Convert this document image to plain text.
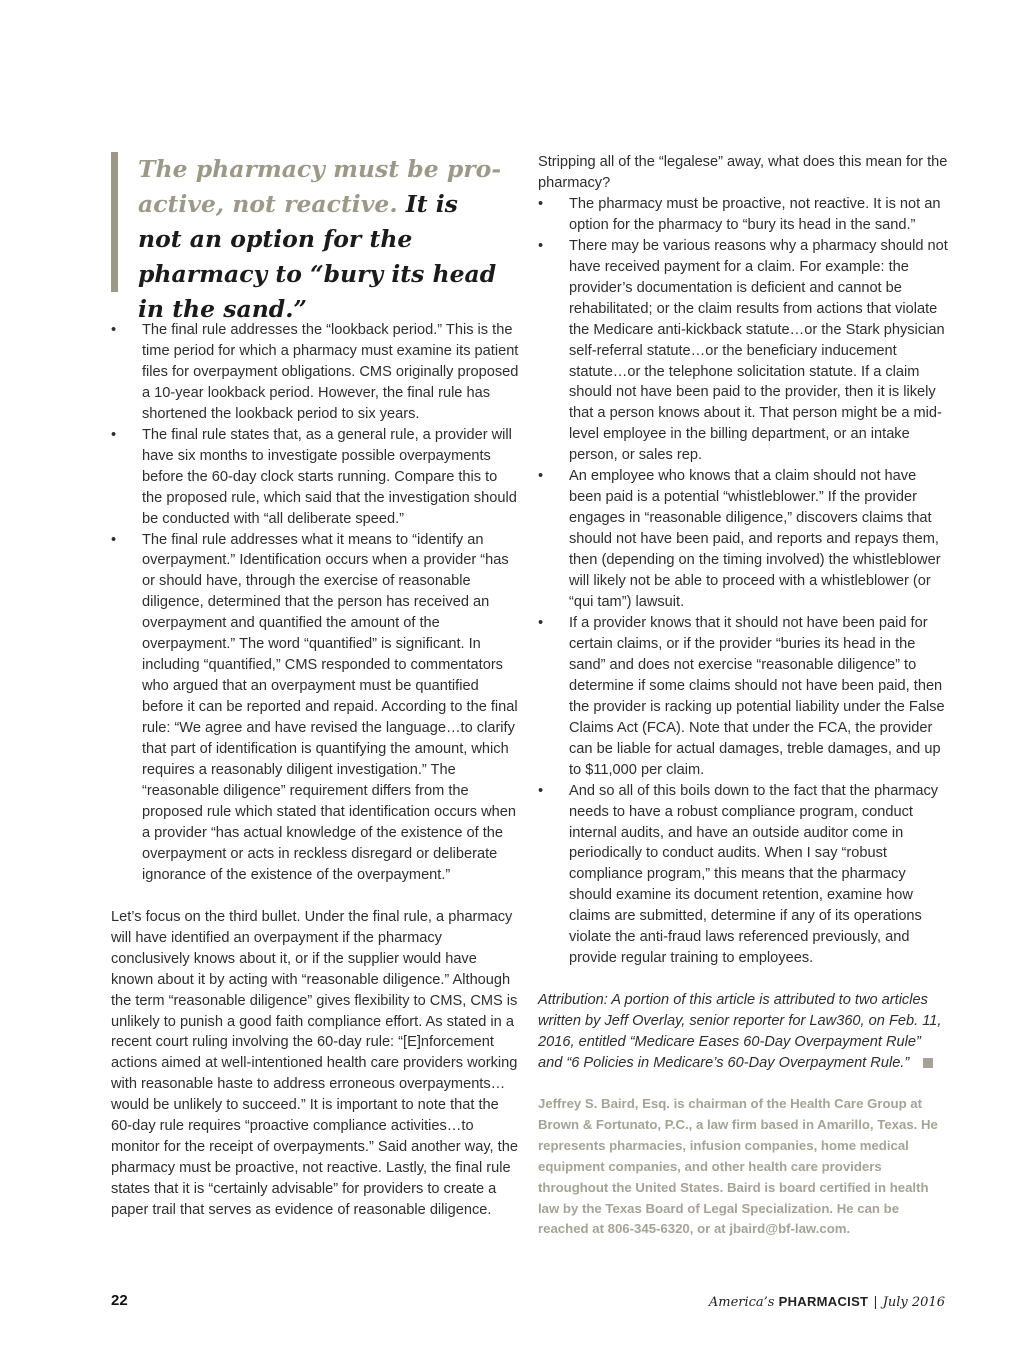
The pharmacy must be pro-active, not reactive. It is not an option for the pharmacy to “bury its head in the sand.”
• The final rule addresses the “lookback period.” This is the time period for which a pharmacy must examine its patient files for overpayment obligations. CMS originally proposed a 10-year lookback period. However, the final rule has shortened the lookback period to six years.
• The final rule states that, as a general rule, a provider will have six months to investigate possible overpayments before the 60-day clock starts running. Compare this to the proposed rule, which said that the investigation should be conducted with “all deliberate speed.”
• The final rule addresses what it means to “identify an overpayment.” Identification occurs when a provider “has or should have, through the exercise of reasonable diligence, determined that the person has received an overpayment and quantified the amount of the overpayment.” The word “quantified” is significant. In including “quantified,” CMS responded to commentators who argued that an overpayment must be quantified before it can be reported and repaid. According to the final rule: “We agree and have revised the language…to clarify that part of identification is quantifying the amount, which requires a reasonably diligent investigation.” The “reasonable diligence” requirement differs from the proposed rule which stated that identification occurs when a provider “has actual knowledge of the existence of the overpayment or acts in reckless disregard or deliberate ignorance of the existence of the overpayment.”

Let’s focus on the third bullet. Under the final rule, a pharmacy will have identified an overpayment if the pharmacy conclusively knows about it, or if the supplier would have known about it by acting with “reasonable diligence.” Although the term “reasonable diligence” gives flexibility to CMS, CMS is unlikely to punish a good faith compliance effort. As stated in a recent court ruling involving the 60-day rule: “[E]nforcement actions aimed at well-intentioned health care providers working with reasonable haste to address erroneous overpayments…would be unlikely to succeed.” It is important to note that the 60-day rule requires “proactive compliance activities…to monitor for the receipt of overpayments.” Said another way, the pharmacy must be proactive, not reactive. Lastly, the final rule states that it is “certainly advisable” for providers to create a paper trail that serves as evidence of reasonable diligence.

Stripping all of the “legalese” away, what does this mean for the pharmacy?

• The pharmacy must be proactive, not reactive. It is not an option for the pharmacy to “bury its head in the sand.”
• There may be various reasons why a pharmacy should not have received payment for a claim. For example: the provider’s documentation is deficient and cannot be rehabilitated; or the claim results from actions that violate the Medicare anti-kickback statute…or the Stark physician self-referral statute…or the beneficiary inducement statute…or the telephone solicitation statute. If a claim should not have been paid to the provider, then it is likely that a person knows about it. That person might be a mid-level employee in the billing department, or an intake person, or sales rep.
• An employee who knows that a claim should not have been paid is a potential “whistleblower.” If the provider engages in “reasonable diligence,” discovers claims that should not have been paid, and reports and repays them, then (depending on the timing involved) the whistleblower will likely not be able to proceed with a whistleblower (or “qui tam”) lawsuit.
• If a provider knows that it should not have been paid for certain claims, or if the provider “buries its head in the sand” and does not exercise “reasonable diligence” to determine if some claims should not have been paid, then the provider is racking up potential liability under the False Claims Act (FCA). Note that under the FCA, the provider can be liable for actual damages, treble damages, and up to $11,000 per claim.
• And so all of this boils down to the fact that the pharmacy needs to have a robust compliance program, conduct internal audits, and have an outside auditor come in periodically to conduct audits. When I say “robust compliance program,” this means that the pharmacy should examine its document retention, examine how claims are submitted, determine if any of its operations violate the anti-fraud laws referenced previously, and provide regular training to employees.

Attribution: A portion of this article is attributed to two articles written by Jeff Overlay, senior reporter for Law360, on Feb. 11, 2016, entitled “Medicare Eases 60-Day Overpayment Rule” and “6 Policies in Medicare’s 60-Day Overpayment Rule.”

Jeffrey S. Baird, Esq. is chairman of the Health Care Group at Brown & Fortunato, P.C., a law firm based in Amarillo, Texas. He represents pharmacies, infusion companies, home medical equipment companies, and other health care providers throughout the United States. Baird is board certified in health law by the Texas Board of Legal Specialization. He can be reached at 806-345-6320, or at jbaird@bf-law.com.

22	America’s PHARMACIST | July 2016
